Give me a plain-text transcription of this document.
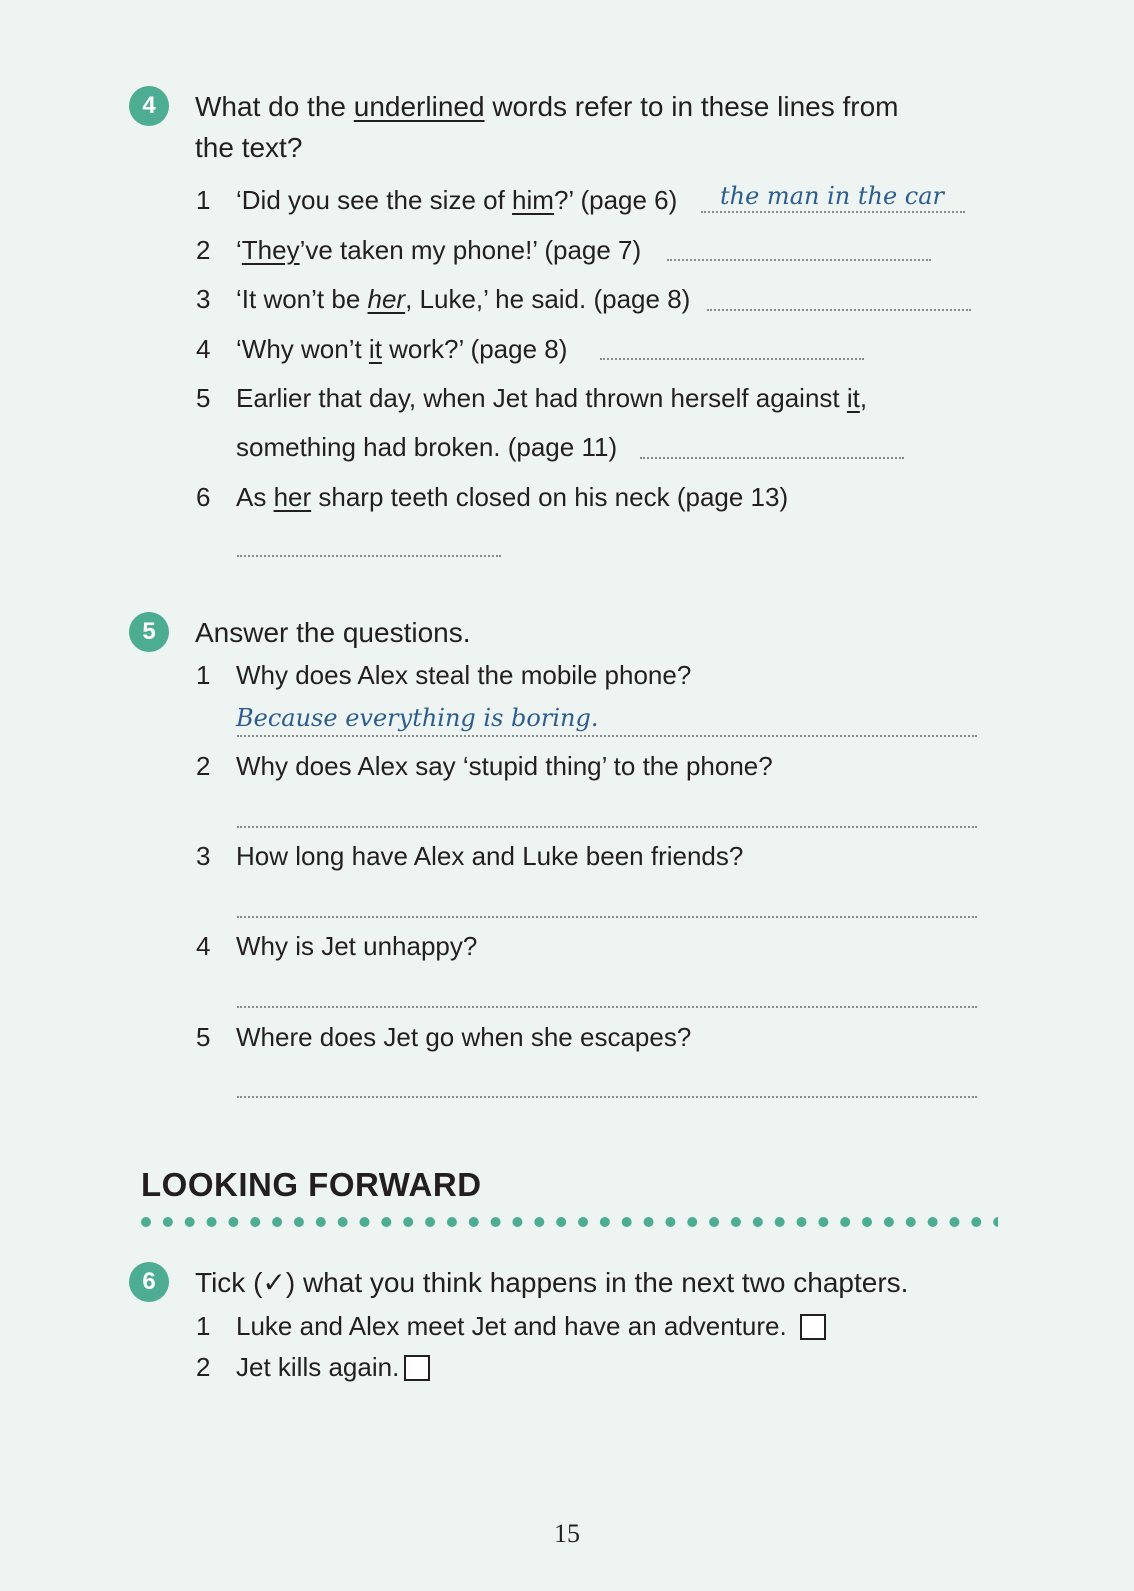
4	What do the underlined words refer to in these lines from
the text?
1 ‘Did you see the size of him?’ (page 6) the man in the car
2 ‘They’ve taken my phone!’ (page 7)
3 ‘It won’t be her, Luke,’ he said. (page 8)
4 ‘Why won’t it work?’ (page 8)
5 Earlier that day, when Jet had thrown herself against it,
something had broken. (page 11)
6 As her sharp teeth closed on his neck (page 13)
5	Answer the questions.
1 Why does Alex steal the mobile phone?
Because everything is boring.
2 Why does Alex say ‘stupid thing’ to the phone?
3 How long have Alex and Luke been friends?
4 Why is Jet unhappy?
5 Where does Jet go when she escapes?
LOOKING FORWARD
6	Tick (✓) what you think happens in the next two chapters.
1 Luke and Alex meet Jet and have an adventure.
2 Jet kills again.
15
